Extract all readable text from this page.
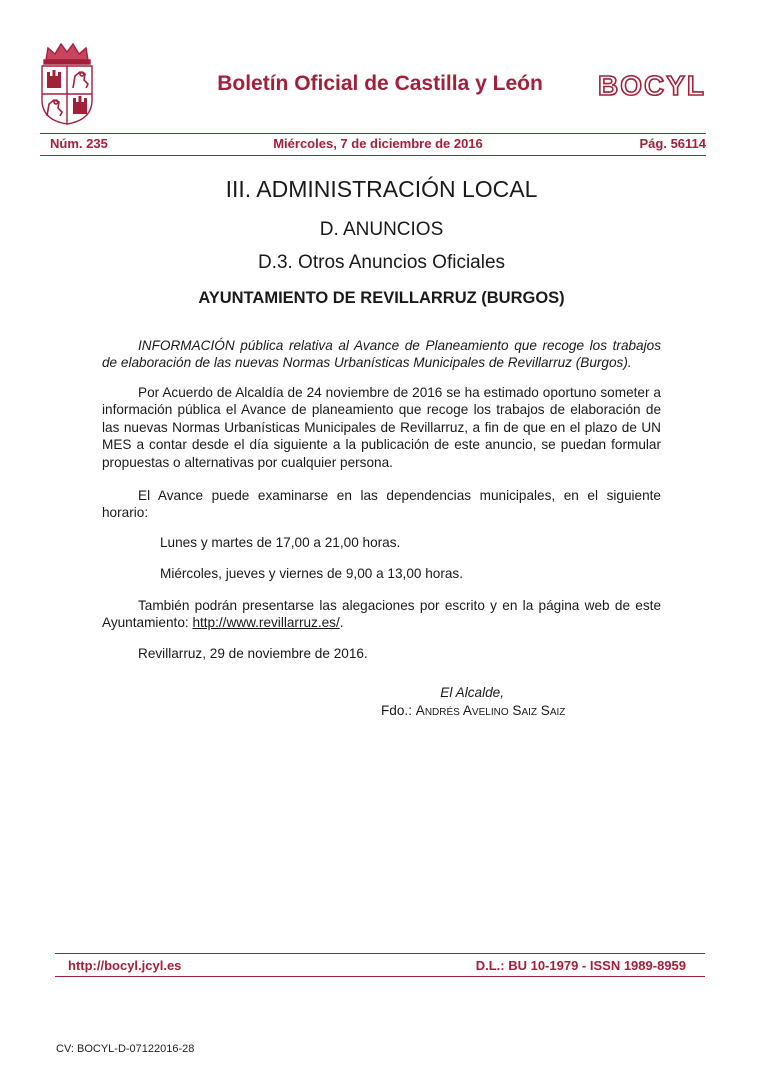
Boletín Oficial de Castilla y León	BOCYL
Núm. 235	Miércoles, 7 de diciembre de 2016	Pág. 56114
III. ADMINISTRACIÓN LOCAL
D. ANUNCIOS
D.3. Otros Anuncios Oficiales
AYUNTAMIENTO DE REVILLARRUZ (BURGOS)
INFORMACIÓN pública relativa al Avance de Planeamiento que recoge los trabajos de elaboración de las nuevas Normas Urbanísticas Municipales de Revillarruz (Burgos).
Por Acuerdo de Alcaldía de 24 noviembre de 2016 se ha estimado oportuno someter a información pública el Avance de planeamiento que recoge los trabajos de elaboración de las nuevas Normas Urbanísticas Municipales de Revillarruz, a fin de que en el plazo de UN MES a contar desde el día siguiente a la publicación de este anuncio, se puedan formular propuestas o alternativas por cualquier persona.
El Avance puede examinarse en las dependencias municipales, en el siguiente horario:
Lunes y martes de 17,00 a 21,00 horas.
Miércoles, jueves y viernes de 9,00 a 13,00 horas.
También podrán presentarse las alegaciones por escrito y en la página web de este Ayuntamiento: http://www.revillarruz.es/.
Revillarruz, 29 de noviembre de 2016.
El Alcalde,
Fdo.: Andrés Avelino Saiz Saiz
http://bocyl.jcyl.es	D.L.: BU 10-1979 - ISSN 1989-8959
CV: BOCYL-D-07122016-28
